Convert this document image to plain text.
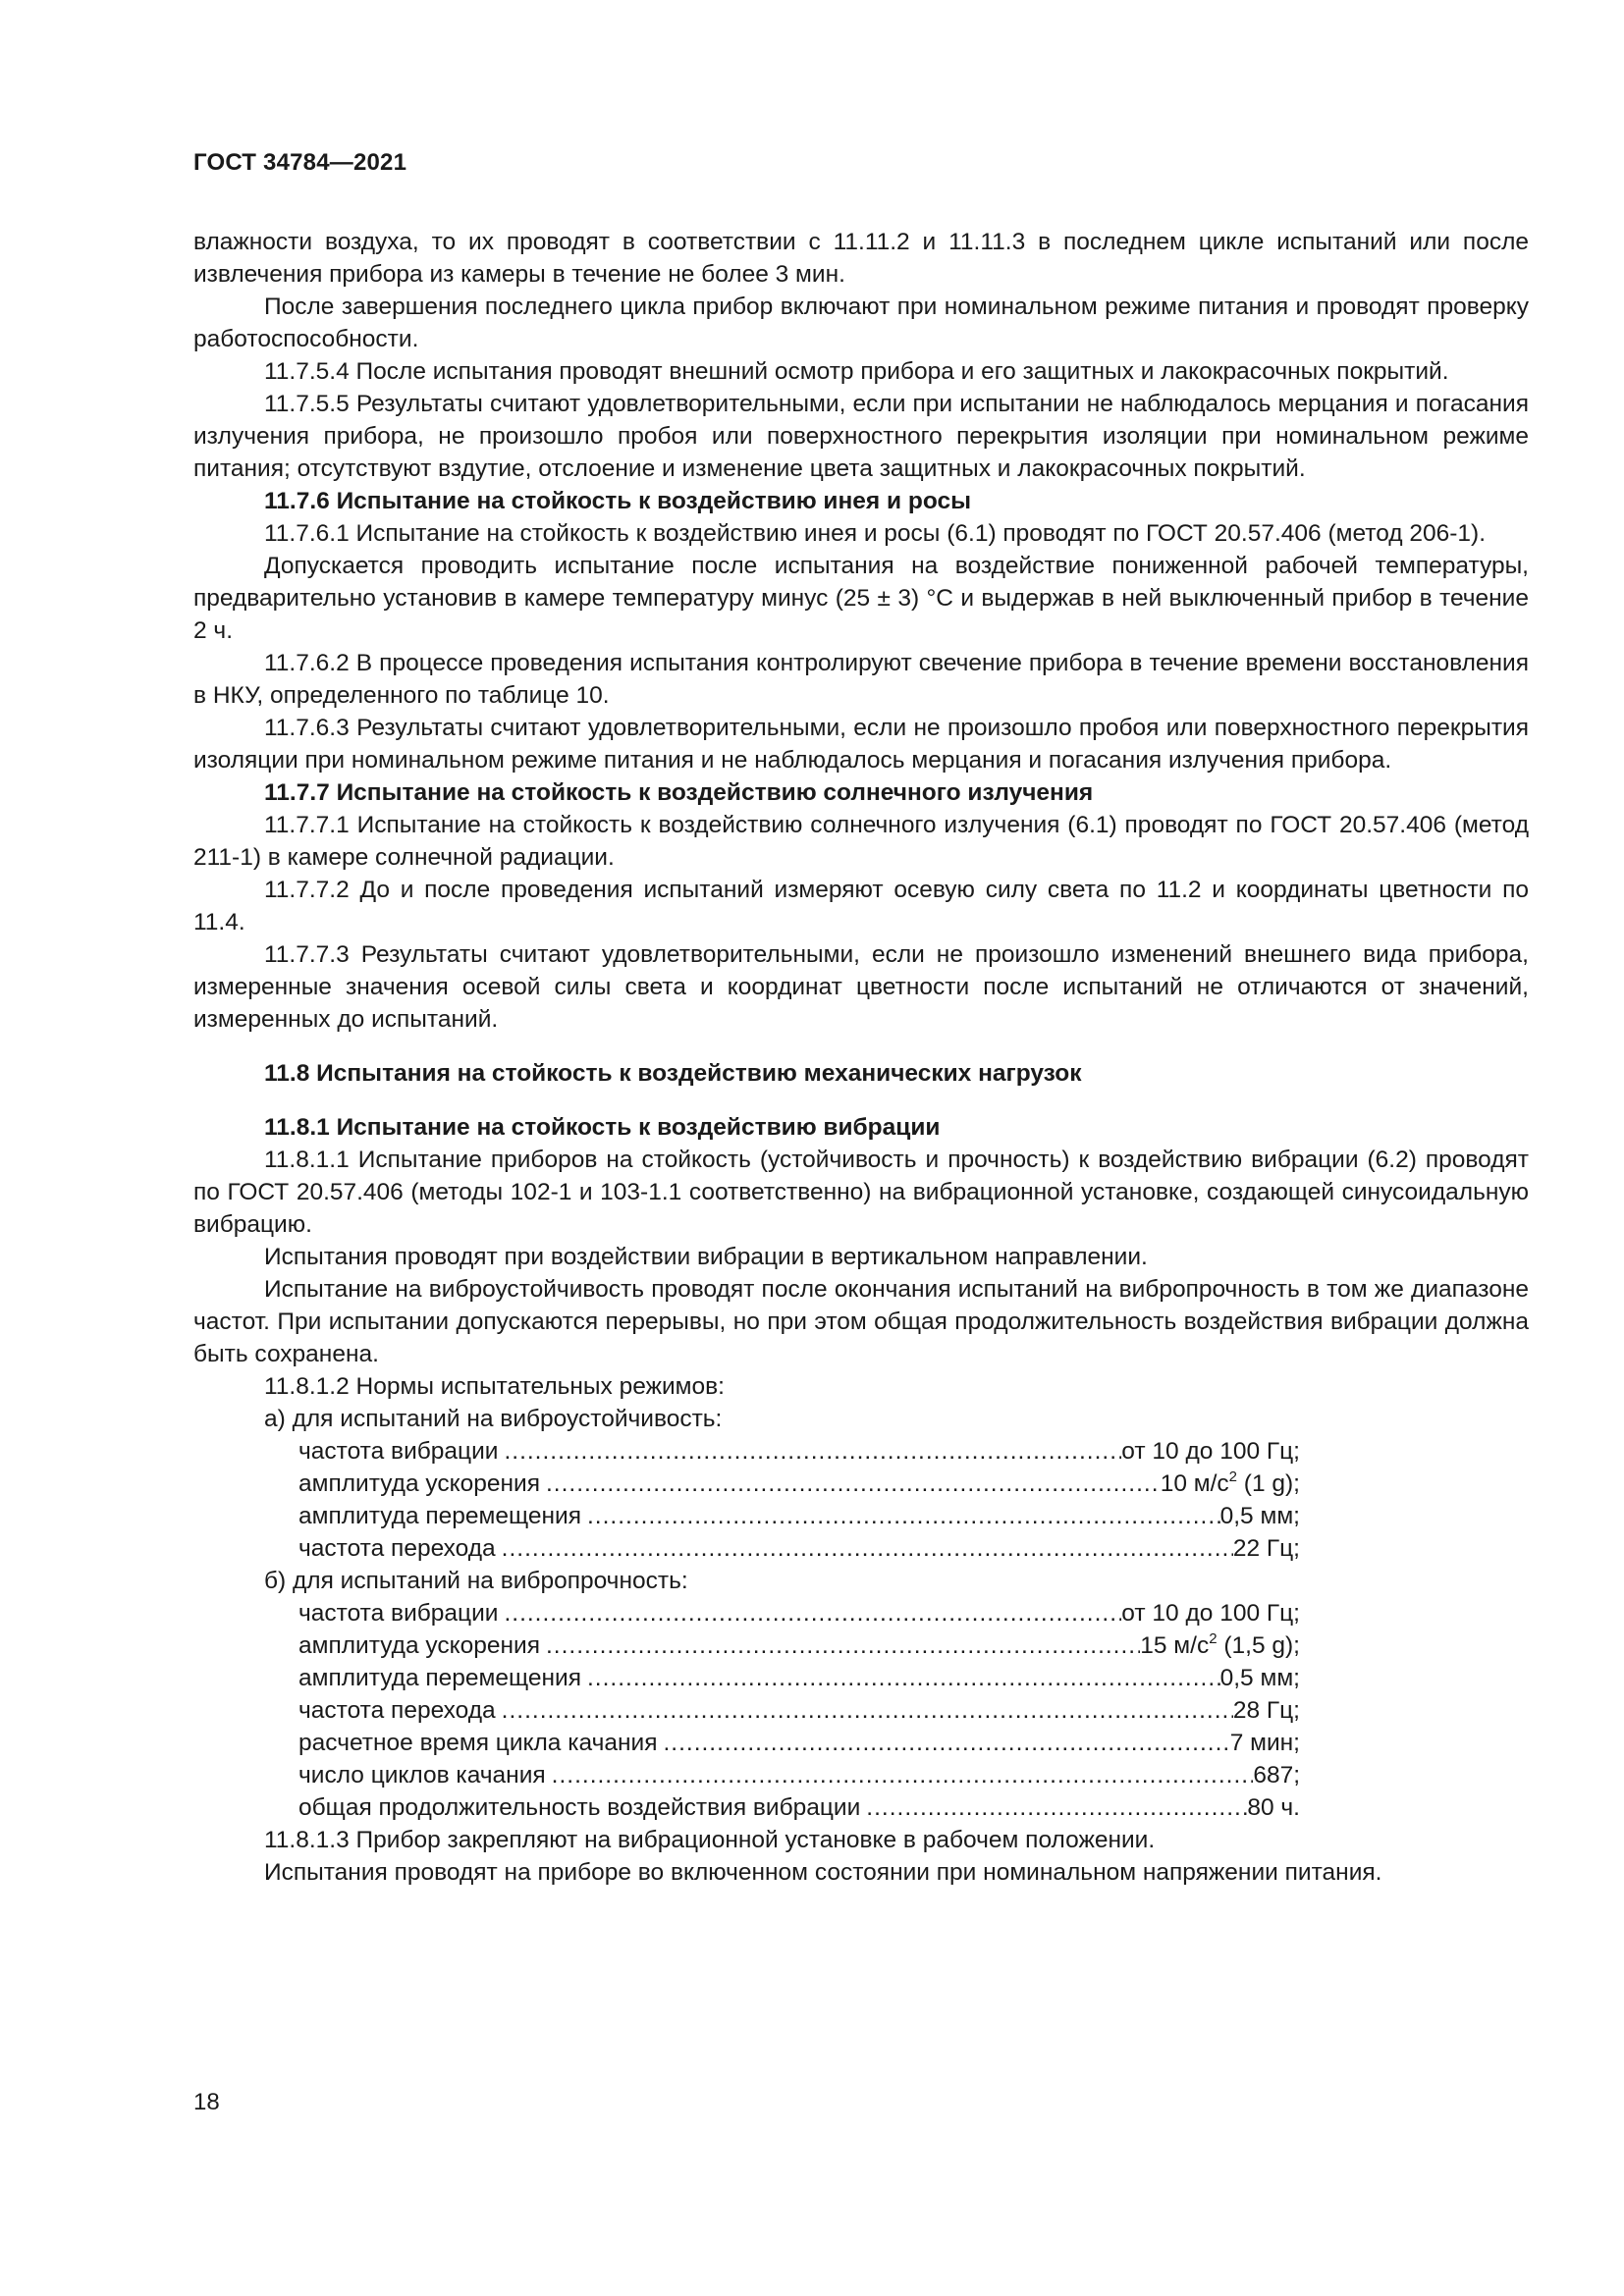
ГОСТ 34784—2021

влажности воздуха, то их проводят в соответствии с 11.11.2 и 11.11.3 в последнем цикле испытаний или после извлечения прибора из камеры в течение не более 3 мин.

После завершения последнего цикла прибор включают при номинальном режиме питания и проводят проверку работоспособности.

11.7.5.4 После испытания проводят внешний осмотр прибора и его защитных и лакокрасочных покрытий.

11.7.5.5 Результаты считают удовлетворительными, если при испытании не наблюдалось мерцания и погасания излучения прибора, не произошло пробоя или поверхностного перекрытия изоляции при номинальном режиме питания; отсутствуют вздутие, отслоение и изменение цвета защитных и лакокрасочных покрытий.

11.7.6 Испытание на стойкость к воздействию инея и росы

11.7.6.1 Испытание на стойкость к воздействию инея и росы (6.1) проводят по ГОСТ 20.57.406 (метод 206-1).

Допускается проводить испытание после испытания на воздействие пониженной рабочей температуры, предварительно установив в камере температуру минус (25 ± 3) °С и выдержав в ней выключенный прибор в течение 2 ч.

11.7.6.2 В процессе проведения испытания контролируют свечение прибора в течение времени восстановления в НКУ, определенного по таблице 10.

11.7.6.3 Результаты считают удовлетворительными, если не произошло пробоя или поверхностного перекрытия изоляции при номинальном режиме питания и не наблюдалось мерцания и погасания излучения прибора.

11.7.7 Испытание на стойкость к воздействию солнечного излучения

11.7.7.1 Испытание на стойкость к воздействию солнечного излучения (6.1) проводят по ГОСТ 20.57.406 (метод 211-1) в камере солнечной радиации.

11.7.7.2 До и после проведения испытаний измеряют осевую силу света по 11.2 и координаты цветности по 11.4.

11.7.7.3 Результаты считают удовлетворительными, если не произошло изменений внешнего вида прибора, измеренные значения осевой силы света и координат цветности после испытаний не отличаются от значений, измеренных до испытаний.

11.8 Испытания на стойкость к воздействию механических нагрузок

11.8.1 Испытание на стойкость к воздействию вибрации

11.8.1.1 Испытание приборов на стойкость (устойчивость и прочность) к воздействию вибрации (6.2) проводят по ГОСТ 20.57.406 (методы 102-1 и 103-1.1 соответственно) на вибрационной установке, создающей синусоидальную вибрацию.

Испытания проводят при воздействии вибрации в вертикальном направлении.

Испытание на виброустойчивость проводят после окончания испытаний на вибропрочность в том же диапазоне частот. При испытании допускаются перерывы, но при этом общая продолжительность воздействия вибрации должна быть сохранена.

11.8.1.2 Нормы испытательных режимов:

а) для испытаний на виброустойчивость:

частота вибрации .....	от 10 до 100 Гц;
амплитуда ускорения .....	10 $м/с^2$ (1 g);
амплитуда перемещения .....	0,5 мм;
частота перехода .....	22 Гц;

б) для испытаний на вибропрочность:

частота вибрации .....	от 10 до 100 Гц;
амплитуда ускорения .....	15 $м/с^2$ (1,5 g);
амплитуда перемещения .....	0,5 мм;
частота перехода .....	28 Гц;
расчетное время цикла качания .....	7 мин;
число циклов качания .....	687;
общая продолжительность воздействия вибрации .....	80 ч.

11.8.1.3 Прибор закрепляют на вибрационной установке в рабочем положении.

Испытания проводят на приборе во включенном состоянии при номинальном напряжении питания.

18
